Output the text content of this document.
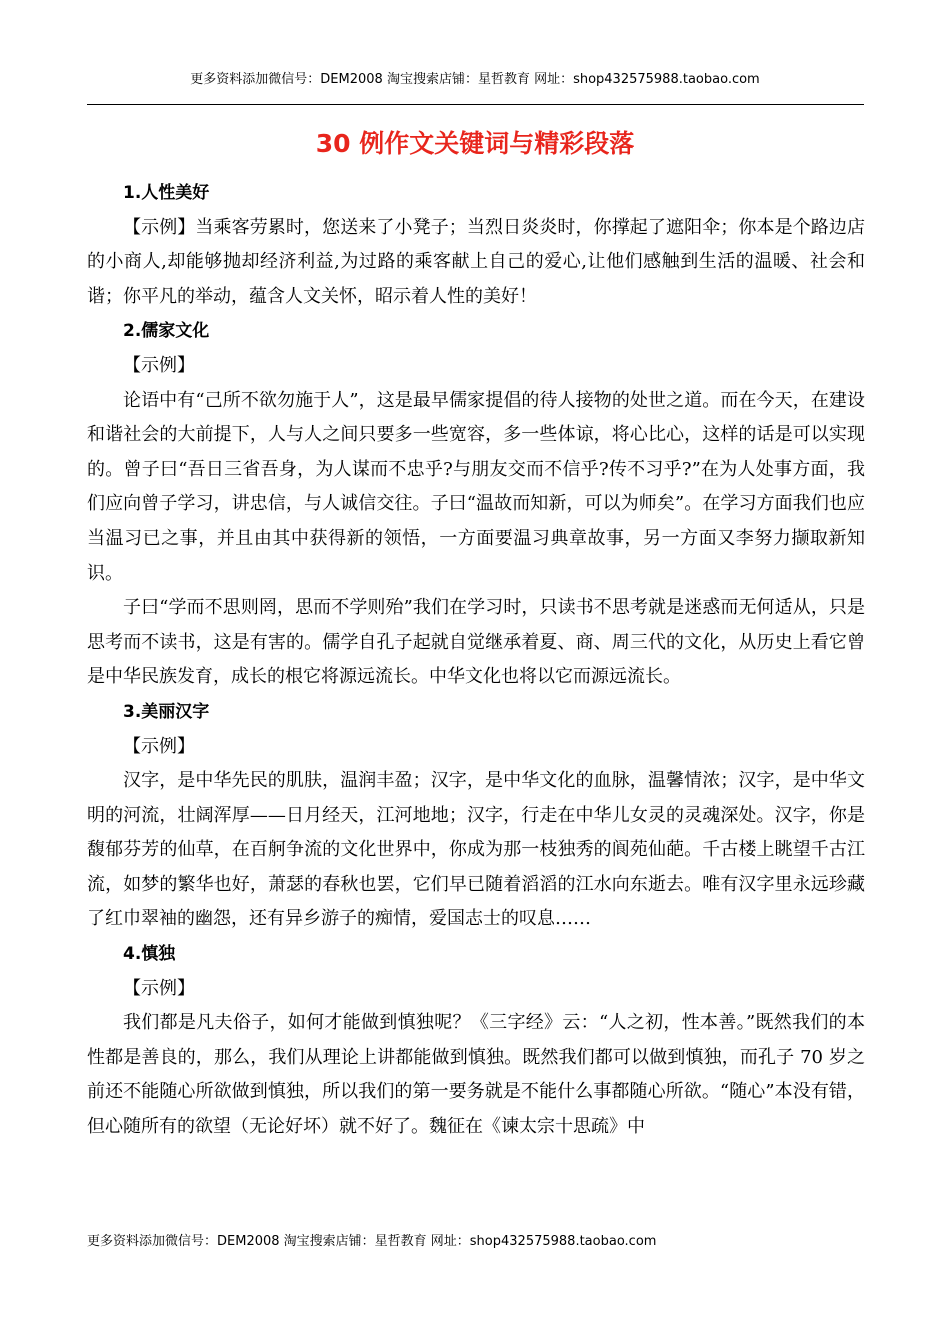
更多资料添加微信号：DEM2008 淘宝搜索店铺：星哲教育 网址：shop432575988.taobao.com
30 例作文关键词与精彩段落

1.人性美好

【示例】当乘客劳累时，您送来了小凳子；当烈日炎炎时，你撑起了遮阳伞；你本是个路边店的小商人,却能够抛却经济利益,为过路的乘客献上自己的爱心,让他们感触到生活的温暖、社会和谐；你平凡的举动，蕴含人文关怀，昭示着人性的美好！

2.儒家文化

【示例】

论语中有“己所不欲勿施于人”，这是最早儒家提倡的待人接物的处世之道。而在今天，在建设和谐社会的大前提下，人与人之间只要多一些宽容，多一些体谅，将心比心，这样的话是可以实现的。曾子曰“吾日三省吾身，为人谋而不忠乎?与朋友交而不信乎?传不习乎?”在为人处事方面，我们应向曾子学习，讲忠信，与人诚信交往。子曰“温故而知新，可以为师矣”。在学习方面我们也应当温习已之事，并且由其中获得新的领悟，一方面要温习典章故事，另一方面又李努力撷取新知识。

子曰“学而不思则罔，思而不学则殆”我们在学习时，只读书不思考就是迷惑而无何适从，只是思考而不读书，这是有害的。儒学自孔子起就自觉继承着夏、商、周三代的文化，从历史上看它曾是中华民族发育，成长的根它将源远流长。中华文化也将以它而源远流长。

3.美丽汉字

【示例】

汉字，是中华先民的肌肤，温润丰盈；汉字，是中华文化的血脉，温馨情浓；汉字，是中华文明的河流，壮阔浑厚——日月经天，江河地地；汉字，行走在中华儿女灵的灵魂深处。汉字，你是馥郁芬芳的仙草，在百舸争流的文化世界中，你成为那一枝独秀的阆苑仙葩。千古楼上眺望千古江流，如梦的繁华也好，萧瑟的春秋也罢，它们早已随着滔滔的江水向东逝去。唯有汉字里永远珍藏了红巾翠袖的幽怨，还有异乡游子的痴情，爱国志士的叹息……

4.慎独

【示例】

我们都是凡夫俗子，如何才能做到慎独呢？《三字经》云：“人之初，性本善。”既然我们的本性都是善良的，那么，我们从理论上讲都能做到慎独。既然我们都可以做到慎独，而孔子 70 岁之前还不能随心所欲做到慎独，所以我们的第一要务就是不能什么事都随心所欲。“随心”本没有错，但心随所有的欲望（无论好坏）就不好了。魏征在《谏太宗十思疏》中

更多资料添加微信号：DEM2008 淘宝搜索店铺：星哲教育 网址：shop432575988.taobao.com
